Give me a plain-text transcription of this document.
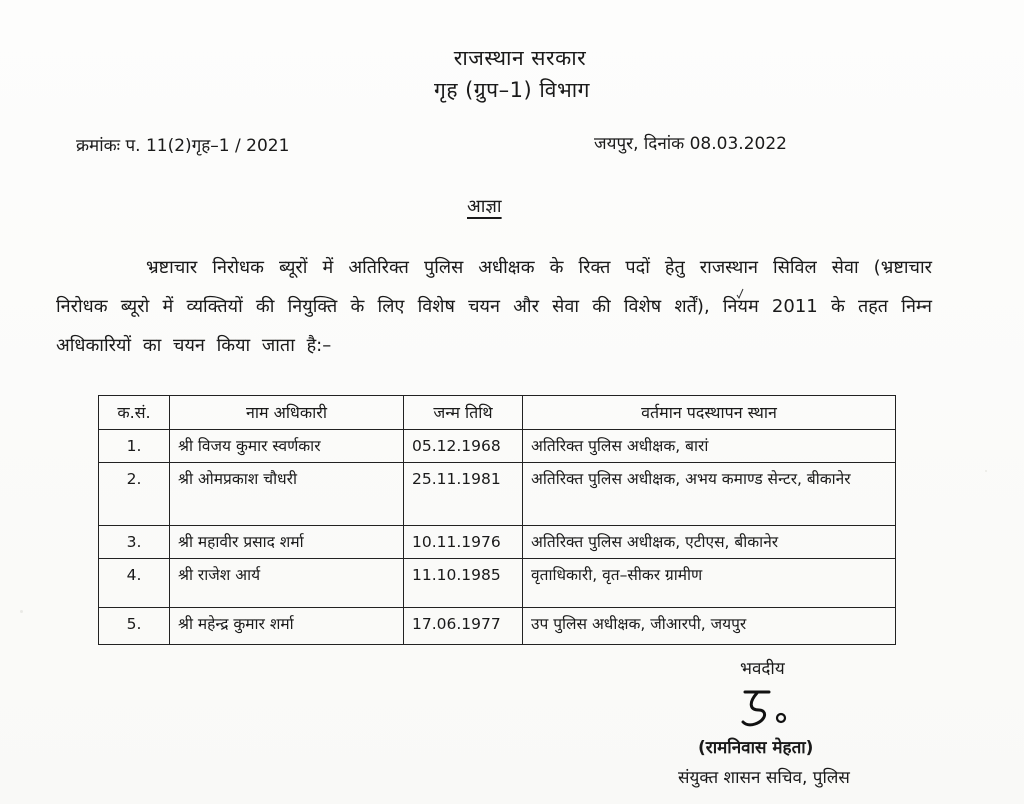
राजस्थान सरकार
गृह (ग्रुप–1) विभाग
क्रमांकः प. 11(2)गृह–1 / 2021	जयपुर, दिनांक 08.03.2022
आज्ञा
भ्रष्टाचार निरोधक ब्यूरों में अतिरिक्त पुलिस अधीक्षक के रिक्त पदों हेतु राजस्थान सिविल सेवा (भ्रष्टाचार निरोधक ब्यूरो में व्यक्तियों की नियुक्ति के लिए विशेष चयन और सेवा की विशेष शर्तें), नियम 2011 के तहत निम्न अधिकारियों का चयन किया जाता है:–
क.सं.	नाम अधिकारी	जन्म तिथि	वर्तमान पदस्थापन स्थान
1.	श्री विजय कुमार स्वर्णकार	05.12.1968	अतिरिक्त पुलिस अधीक्षक, बारां
2.	श्री ओमप्रकाश चौधरी	25.11.1981	अतिरिक्त पुलिस अधीक्षक, अभय कमाण्ड सेन्टर, बीकानेर
3.	श्री महावीर प्रसाद शर्मा	10.11.1976	अतिरिक्त पुलिस अधीक्षक, एटीएस, बीकानेर
4.	श्री राजेश आर्य	11.10.1985	वृताधिकारी, वृत–सीकर ग्रामीण
5.	श्री महेन्द्र कुमार शर्मा	17.06.1977	उप पुलिस अधीक्षक, जीआरपी, जयपुर
भवदीय
(रामनिवास मेहता)
संयुक्त शासन सचिव, पुलिस
